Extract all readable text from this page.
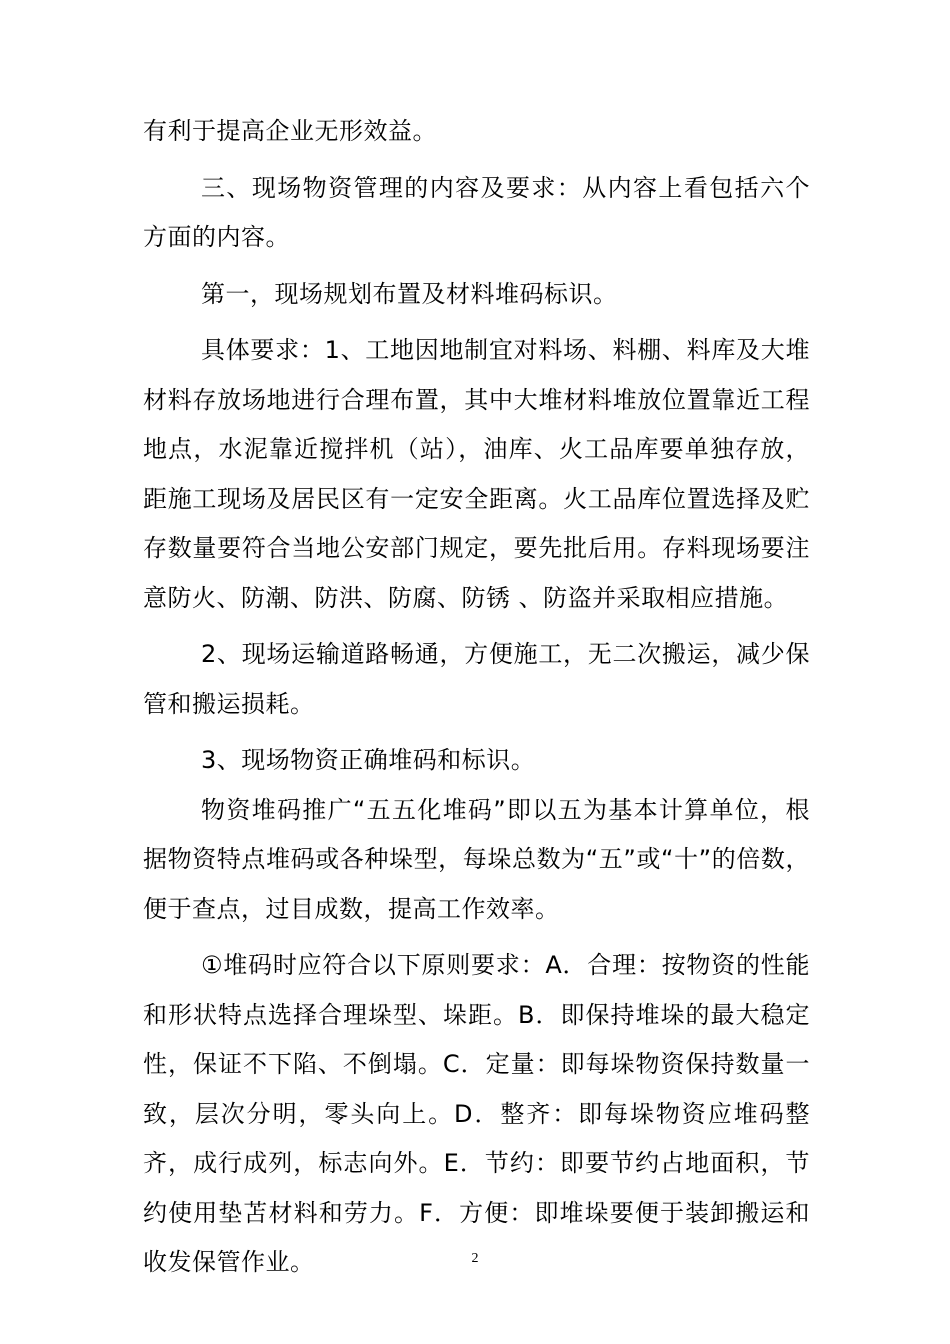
有利于提高企业无形效益。

三、现场物资管理的内容及要求：从内容上看包括六个方面的内容。

第一，现场规划布置及材料堆码标识。

具体要求：1、工地因地制宜对料场、料棚、料库及大堆材料存放场地进行合理布置，其中大堆材料堆放位置靠近工程地点，水泥靠近搅拌机（站），油库、火工品库要单独存放，距施工现场及居民区有一定安全距离。火工品库位置选择及贮存数量要符合当地公安部门规定，要先批后用。存料现场要注意防火、防潮、防洪、防腐、防锈 、防盗并采取相应措施。

2、现场运输道路畅通，方便施工，无二次搬运，减少保管和搬运损耗。

3、现场物资正确堆码和标识。

物资堆码推广“五五化堆码”即以五为基本计算单位，根据物资特点堆码或各种垛型，每垛总数为“五”或“十”的倍数，便于查点，过目成数，提高工作效率。

①堆码时应符合以下原则要求：A．合理：按物资的性能和形状特点选择合理垛型、垛距。B．即保持堆垛的最大稳定性，保证不下陷、不倒塌。C．定量：即每垛物资保持数量一致，层次分明，零头向上。D．整齐：即每垛物资应堆码整齐，成行成列，标志向外。E．节约：即要节约占地面积，节约使用垫苫材料和劳力。F．方便：即堆垛要便于装卸搬运和收发保管作业。	2
